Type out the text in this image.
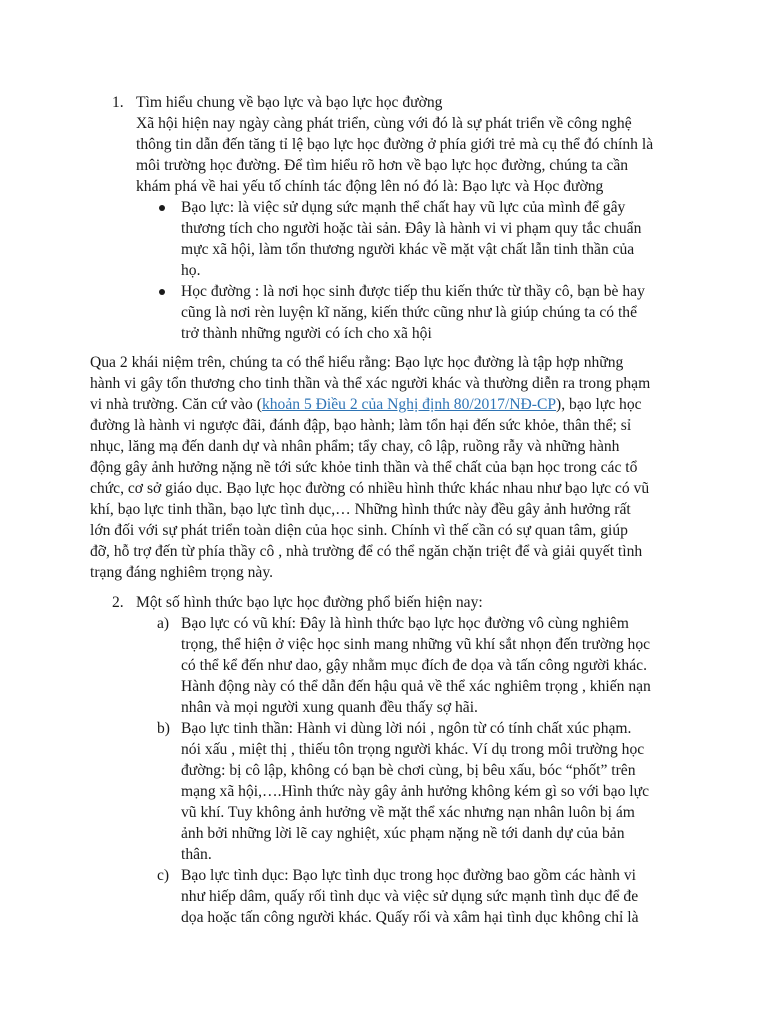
1. Tìm hiểu chung về bạo lực và bạo lực học đường
Xã hội hiện nay ngày càng phát triển, cùng với đó là sự phát triển về công nghệ
thông tin dẫn đến tăng tỉ lệ bạo lực học đường ở phía giới trẻ mà cụ thể đó chính là
môi trường học đường. Để tìm hiểu rõ hơn về bạo lực học đường, chúng ta cần
khám phá về hai yếu tố chính tác động lên nó đó là: Bạo lực và Học đường
Bạo lực: là việc sử dụng sức mạnh thể chất hay vũ lực của mình để gây
thương tích cho người hoặc tài sản. Đây là hành vi vi phạm quy tắc chuẩn
mực xã hội, làm tổn thương người khác về mặt vật chất lẫn tinh thần của
họ.
Học đường : là nơi học sinh được tiếp thu kiến thức từ thầy cô, bạn bè hay
cũng là nơi rèn luyện kĩ năng, kiến thức cũng như là giúp chúng ta có thể
trở thành những người có ích cho xã hội
Qua 2 khái niệm trên, chúng ta có thể hiểu rằng: Bạo lực học đường là tập hợp những
hành vi gây tổn thương cho tinh thần và thể xác người khác và thường diễn ra trong phạm
vi nhà trường. Căn cứ vào (khoản 5 Điều 2 của Nghị định 80/2017/NĐ-CP), bạo lực học
đường là hành vi ngược đãi, đánh đập, bạo hành; làm tổn hại đến sức khỏe, thân thể; sỉ
nhục, lăng mạ đến danh dự và nhân phẩm; tẩy chay, cô lập, ruồng rẫy và những hành
động gây ảnh hưởng nặng nề tới sức khỏe tinh thần và thể chất của bạn học trong các tổ
chức, cơ sở giáo dục. Bạo lực học đường có nhiều hình thức khác nhau như bạo lực có vũ
khí, bạo lực tinh thần, bạo lực tình dục,… Những hình thức này đều gây ảnh hưởng rất
lớn đối với sự phát triển toàn diện của học sinh. Chính vì thế cần có sự quan tâm, giúp
đỡ, hỗ trợ đến từ phía thầy cô , nhà trường để có thể ngăn chặn triệt để và giải quyết tình
trạng đáng nghiêm trọng này.
2. Một số hình thức bạo lực học đường phổ biến hiện nay:
a) Bạo lực có vũ khí: Đây là hình thức bạo lực học đường vô cùng nghiêm
trọng, thể hiện ở việc học sinh mang những vũ khí sắt nhọn đến trường học
có thể kể đến như dao, gậy nhằm mục đích đe dọa và tấn công người khác.
Hành động này có thể dẫn đến hậu quả về thể xác nghiêm trọng , khiến nạn
nhân và mọi người xung quanh đều thấy sợ hãi.
b) Bạo lực tinh thần: Hành vi dùng lời nói , ngôn từ có tính chất xúc phạm.
nói xấu , miệt thị , thiếu tôn trọng người khác. Ví dụ trong môi trường học
đường: bị cô lập, không có bạn bè chơi cùng, bị bêu xấu, bóc “phốt” trên
mạng xã hội,….Hình thức này gây ảnh hưởng không kém gì so với bạo lực
vũ khí. Tuy không ảnh hưởng về mặt thể xác nhưng nạn nhân luôn bị ám
ảnh bởi những lời lẽ cay nghiệt, xúc phạm nặng nề tới danh dự của bản
thân.
c) Bạo lực tình dục: Bạo lực tình dục trong học đường bao gồm các hành vi
như hiếp dâm, quấy rối tình dục và việc sử dụng sức mạnh tình dục để đe
dọa hoặc tấn công người khác. Quấy rối và xâm hại tình dục không chỉ là
